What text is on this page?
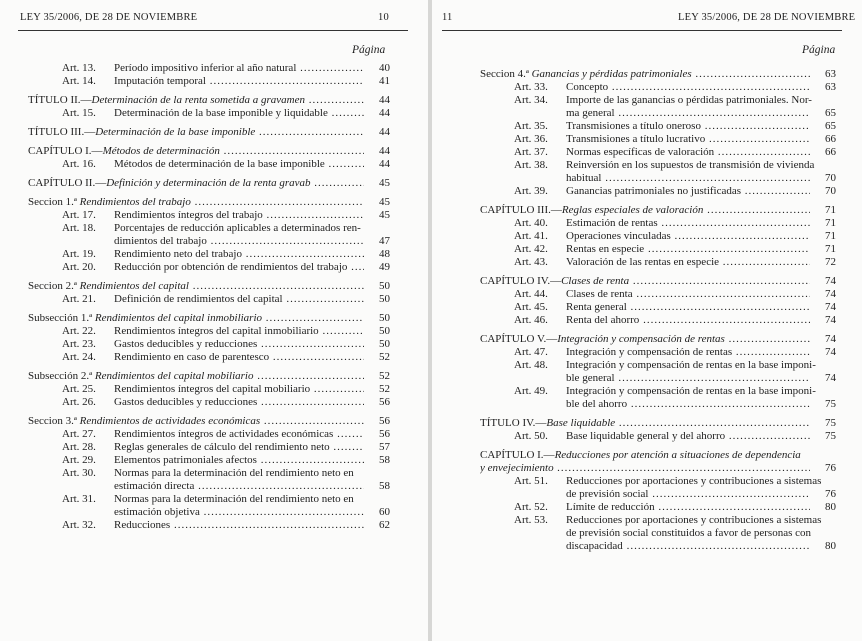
LEY 35/2006, DE 28 DE NOVIEMBRE	10
Página
Art. 13.	Período impositivo inferior al año natural .....	40
Art. 14.	Imputación temporal .....	41
TÍTULO II.—Determinación de la renta sometida a gravamen .....	44
Art. 15.	Determinación de la base imponible y liquidable .....	44
TÍTULO III.—Determinación de la base imponible .....	44
CAPÍTULO I.—Métodos de determinación .....	44
Art. 16.	Métodos de determinación de la base imponible .....	44
CAPÍTULO II.—Definición y determinación de la renta gravab .....	45
Seccion 1.ª Rendimientos del trabajo .....	45
Art. 17.	Rendimientos íntegros del trabajo .....	45
Art. 18.	Porcentajes de reducción aplicables a determinados ren-
dimientos del trabajo .....	47
Art. 19.	Rendimiento neto del trabajo .....	48
Art. 20.	Reducción por obtención de rendimientos del trabajo .....	49
Seccion 2.ª Rendimientos del capital .....	50
Art. 21.	Definición de rendimientos del capital .....	50
Subsección 1.ª Rendimientos del capital inmobiliario .....	50
Art. 22.	Rendimientos íntegros del capital inmobiliario .....	50
Art. 23.	Gastos deducibles y reducciones .....	50
Art. 24.	Rendimiento en caso de parentesco .....	52
Subsección 2.ª Rendimientos del capital mobiliario .....	52
Art. 25.	Rendimientos íntegros del capital mobiliario .....	52
Art. 26.	Gastos deducibles y reducciones .....	56
Seccion 3.ª Rendimientos de actividades económicas .....	56
Art. 27.	Rendimientos íntegros de actividades económicas .....	56
Art. 28.	Reglas generales de cálculo del rendimiento neto .....	57
Art. 29.	Elementos patrimoniales afectos .....	58
Art. 30.	Normas para la determinación del rendimiento neto en
estimación directa .....	58
Art. 31.	Normas para la determinación del rendimiento neto en
estimación objetiva .....	60
Art. 32.	Reducciones .....	62
11	LEY 35/2006, DE 28 DE NOVIEMBRE
Página
Seccion 4.ª Ganancias y pérdidas patrimoniales .....	63
Art. 33.	Concepto .....	63
Art. 34.	Importe de las ganancias o pérdidas patrimoniales. Nor-
ma general .....	65
Art. 35.	Transmisiones a título oneroso .....	65
Art. 36.	Transmisiones a título lucrativo .....	66
Art. 37.	Normas específicas de valoración .....	66
Art. 38.	Reinversión en los supuestos de transmisión de vivienda
habitual .....	70
Art. 39.	Ganancias patrimoniales no justificadas .....	70
CAPÍTULO III.—Reglas especiales de valoración .....	71
Art. 40.	Estimación de rentas .....	71
Art. 41.	Operaciones vinculadas .....	71
Art. 42.	Rentas en especie .....	71
Art. 43.	Valoración de las rentas en especie .....	72
CAPÍTULO IV.—Clases de renta .....	74
Art. 44.	Clases de renta .....	74
Art. 45.	Renta general .....	74
Art. 46.	Renta del ahorro .....	74
CAPÍTULO V.—Integración y compensación de rentas .....	74
Art. 47.	Integración y compensación de rentas .....	74
Art. 48.	Integración y compensación de rentas en la base imponi-
ble general .....	74
Art. 49.	Integración y compensación de rentas en la base imponi-
ble del ahorro .....	75
TÍTULO IV.—Base liquidable .....	75
Art. 50.	Base liquidable general y del ahorro .....	75
CAPÍTULO I.—Reducciones por atención a situaciones de dependencia
y envejecimiento .....	76
Art. 51.	Reducciones por aportaciones y contribuciones a sistemas
de previsión social .....	76
Art. 52.	Límite de reducción .....	80
Art. 53.	Reducciones por aportaciones y contribuciones a sistemas
de previsión social constituidos a favor de personas con
discapacidad .....	80
